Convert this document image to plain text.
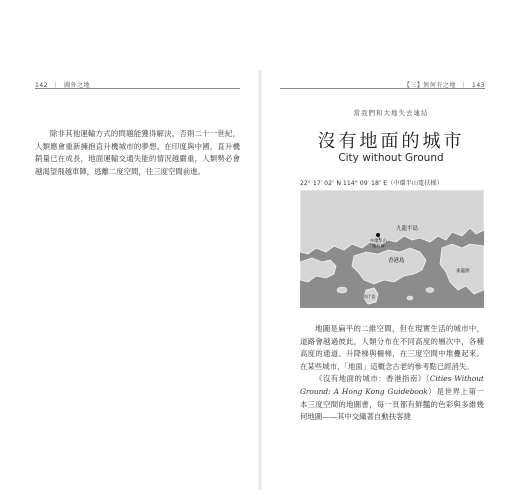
142  ｜  圖外之地
除非其他運輸方式的問題能獲得解決，否則二十一世紀，人類應會重新擁抱直升機城市的夢想。在印度與中國，直升機銷量已在成長，地面運輸交通失能的情況越嚴重，人類勢必會越渴望飛越車陣，逃離二度空間，往三度空間前進。
【三】無何有之地  ｜  143
當我們和大地失去連結
沒有地面的城市
City without Ground
22° 17′ 02″ N 114° 09′ 18″ E（中環半山電扶梯）
九龍半島
中環半山
電扶梯
香港島
東龍洲
南丫島

地圖是扁平的二維空間，但在現實生活的城市中，道路會越過彼此，人類分布在不同高度的層次中，各種高度的通道、升降梯與柵梯，在三度空間中堆疊起來。在某些城市，「地面」這概念古老的參考點已經消失。

《沒有地面的城市：香港指南》（Cities Without Ground: A Hong Kong Guidebook）是世界上第一本三度空間的地圖書，每一頁都有鮮豔的色彩與多維幾何地圖——其中交織著自動扶客捷
